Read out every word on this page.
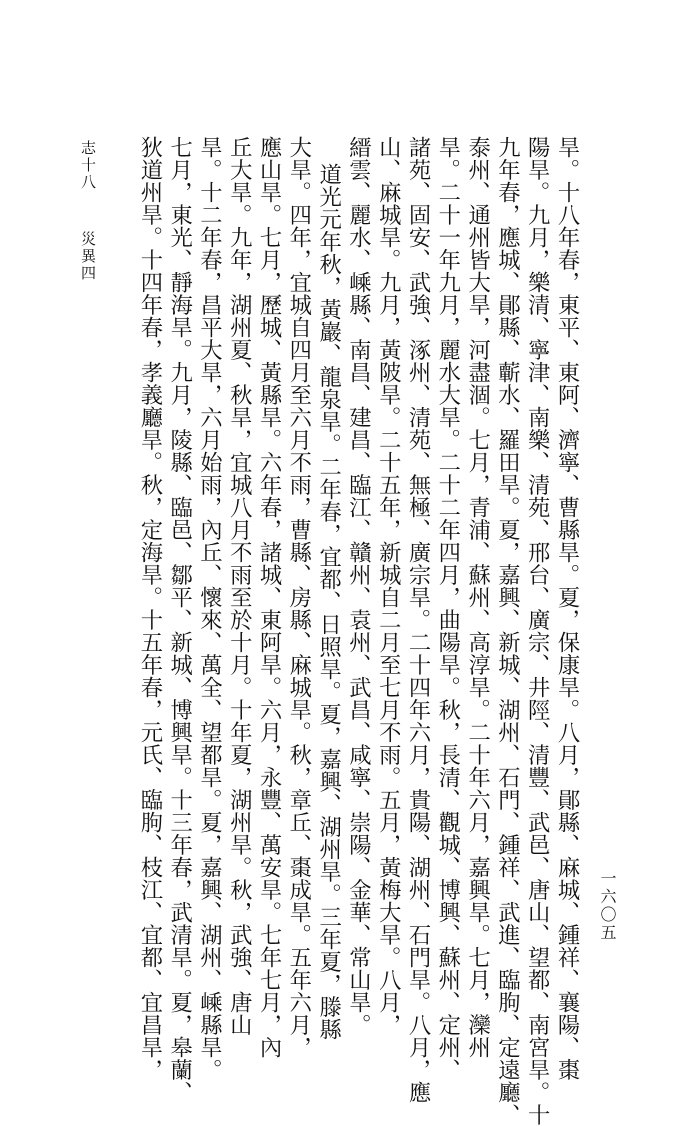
旱。十八年春，東平、東阿、濟寧、曹縣旱。夏，保康旱。八月，鄖縣、麻城、鍾祥、襄陽、棗
陽旱。九月，樂清、寧津、南樂、清苑、邢台、廣宗、井陘、清豐、武邑、唐山、望都、南宮旱。十
九年春，應城、鄖縣、蘄水、羅田旱。夏，嘉興、新城、湖州、石門、鍾祥、武進、臨朐、定遠廳、
泰州、通州皆大旱，河盡涸。七月，青浦、蘇州、高淳旱。二十年六月，嘉興旱。七月，灤州
旱。二十一年九月，麗水大旱。二十二年四月，曲陽旱。秋，長清、觀城、博興、蘇州、定州、
諸苑、固安、武強、涿州、清苑、無極、廣宗旱。二十四年六月，貴陽、湖州、石門旱。八月，應
山、麻城旱。九月，黃陂旱。二十五年，新城自二月至七月不雨。五月，黃梅大旱。八月，
縉雲、麗水、嵊縣、南昌、建昌、臨江、贛州、袁州、武昌、咸寧、崇陽、金華、常山旱。
道光元年秋，黃巖、龍泉旱。二年春，宜都、日照旱。夏，嘉興、湖州旱。三年夏，滕縣
大旱。四年，宜城自四月至六月不雨，曹縣、房縣、麻城旱。秋，章丘、棗成旱。五年六月，
應山旱。七月，歷城、黃縣旱。六年春，諸城、東阿旱。六月，永豐、萬安旱。七年七月，內
丘大旱。九年，湖州夏、秋旱，宜城八月不雨至於十月。十年夏，湖州旱。秋，武強、唐山
旱。十二年春，昌平大旱，六月始雨，內丘、懷來、萬全、望都旱。夏，嘉興、湖州、嵊縣旱。
七月，東光、靜海旱。九月，陵縣、臨邑、鄒平、新城、博興旱。十三年春，武清旱。夏，皋蘭、
狄道州旱。十四年春，孝義廳旱。秋，定海旱。十五年春，元氏、臨朐、枝江、宜都、宜昌旱，
志十八災異四
一六〇五
